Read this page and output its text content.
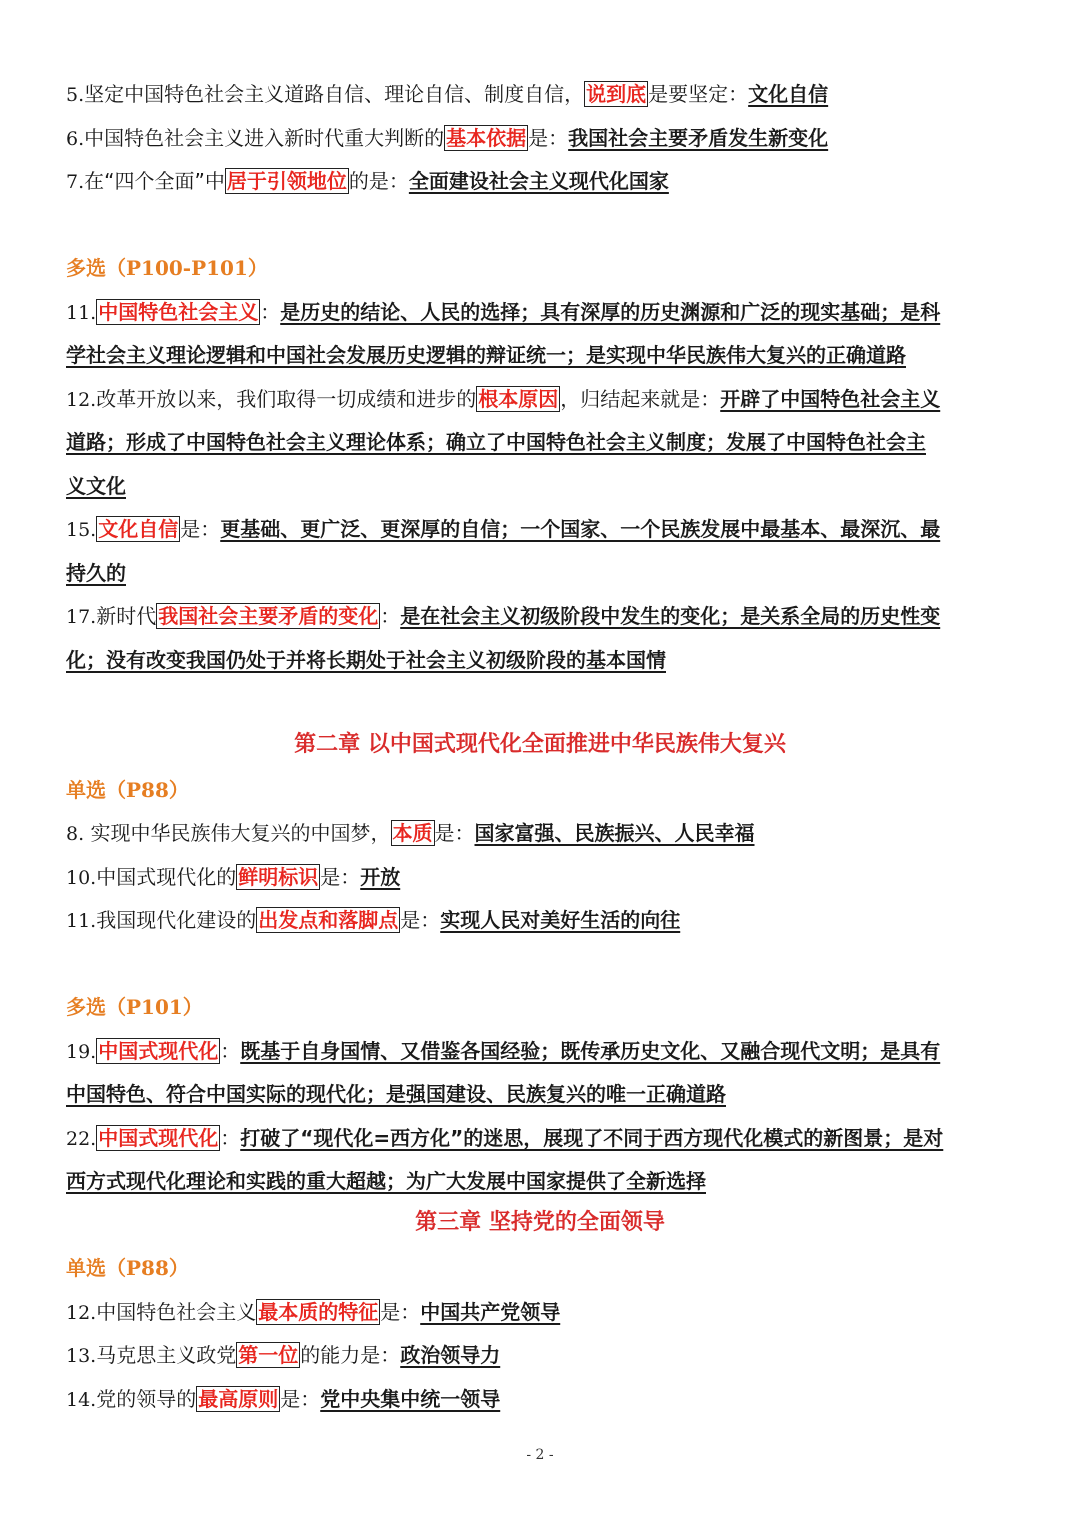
5.坚定中国特色社会主义道路自信、理论自信、制度自信， 说到底 是要坚定：文化自信
6.中国特色社会主义进入新时代重大判断的 基本依据 是：我国社会主要矛盾发生新变化
7.在“四个全面”中 居于引领地位 的是：全面建设社会主义现代化国家
多选（P100-P101）
11. 中国特色社会主义 ：是历史的结论、人民的选择；具有深厚的历史渊源和广泛的现实基础；是科
学社会主义理论逻辑和中国社会发展历史逻辑的辩证统一；是实现中华民族伟大复兴的正确道路
12.改革开放以来，我们取得一切成绩和进步的 根本原因 ，归结起来就是：开辟了中国特色社会主义
道路；形成了中国特色社会主义理论体系；确立了中国特色社会主义制度；发展了中国特色社会主
义文化
15. 文化自信 是：更基础、更广泛、更深厚的自信；一个国家、一个民族发展中最基本、最深沉、最
持久的
17.新时代 我国社会主要矛盾的变化 ：是在社会主义初级阶段中发生的变化；是关系全局的历史性变
化；没有改变我国仍处于并将长期处于社会主义初级阶段的基本国情
第二章 以中国式现代化全面推进中华民族伟大复兴
单选（P88）
8. 实现中华民族伟大复兴的中国梦， 本质 是：国家富强、民族振兴、人民幸福
10.中国式现代化的 鲜明标识 是：开放
11.我国现代化建设的 出发点和落脚点 是：实现人民对美好生活的向往
多选（P101）
19. 中国式现代化 ：既基于自身国情、又借鉴各国经验；既传承历史文化、又融合现代文明；是具有
中国特色、符合中国实际的现代化；是强国建设、民族复兴的唯一正确道路
22. 中国式现代化 ：打破了“现代化=西方化”的迷思，展现了不同于西方现代化模式的新图景；是对
西方式现代化理论和实践的重大超越；为广大发展中国家提供了全新选择
第三章 坚持党的全面领导
单选（P88）
12.中国特色社会主义 最本质的特征 是：中国共产党领导
13.马克思主义政党 第一位 的能力是：政治领导力
14.党的领导的 最高原则 是：党中央集中统一领导
- 2 -
